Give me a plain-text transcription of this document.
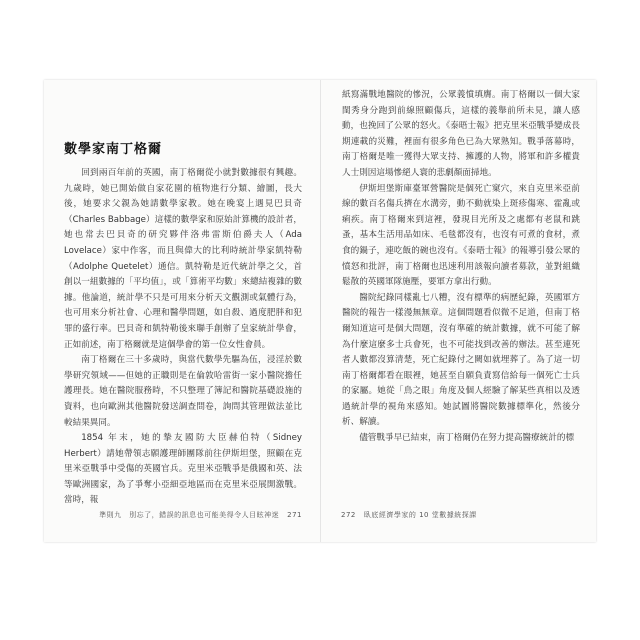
數學家南丁格爾

回到兩百年前的英國，南丁格爾從小就對數據很有興趣。九歲時，她已開始做自家花園的植物進行分類、繪圖，長大後，她要求父親為她請數學家教。她在晚宴上遇見巴貝奇（Charles Babbage）這樣的數學家和原始計算機的設計者，她也常去巴貝奇的研究夥伴洛弗雷斯伯爵夫人（Ada Lovelace）家中作客，而且與偉大的比利時統計學家凱特勒（Adolphe Quetelet）通信。凱特勒是近代統計學之父，首創以一組數據的「平均值」，或「算術平均數」來總結複雜的數據。他論道，統計學不只是可用來分析天文觀測或氣體行為，也可用來分析社會、心理和醫學問題，如自殺、過度肥胖和犯罪的盛行率。巴貝奇和凱特勒後來聯手創辦了皇家統計學會，正如前述，南丁格爾就是這個學會的第一位女性會員。

南丁格爾在三十多歲時，與當代數學先驅為伍，浸淫於數學研究領域——但她的正職則是在倫敦哈雷街一家小醫院擔任護理長。她在醫院服務時，不只整理了簿記和醫院基礎設施的資料，也向歐洲其他醫院發送調查問卷，詢問其管理做法並比較結果異同。

1854 年末，她的摯友國防大臣赫伯特（Sidney Herbert）請她帶領志願護理師團隊前往伊斯坦堡，照顧在克里米亞戰爭中受傷的英國官兵。克里米亞戰爭是俄國和英、法等歐洲國家，為了爭奪小亞細亞地區而在克里米亞展開激戰。當時，報

準則九　別忘了，錯誤的訊息也可能美得令人目眩神迷 271

紙寫滿戰地醫院的慘況，公眾義憤填膺。南丁格爾以一個大家閨秀身分跑到前線照顧傷兵，這樣的義舉前所未見，讓人感動，也挽回了公眾的怒火。《泰晤士報》把克里米亞戰爭變成長期連載的災難，裡面有很多角色已為大眾熟知。戰爭落幕時，南丁格爾是唯一獲得大眾支持、擁護的人物，將軍和許多權貴人士則因這場慘絕人寰的悲劇顏面掃地。

伊斯坦堡斯庫臺軍營醫院是個死亡窠穴，來自克里米亞前線的數百名傷兵擠在水溝旁，動不動就染上斑疹傷寒、霍亂或痢疾。南丁格爾來到這裡，發現目光所及之處都有老鼠和跳蚤，基本生活用品如床、毛毯都沒有，也沒有可煮的食材，煮食的鍋子，連吃飯的碗也沒有。《泰晤士報》的報導引發公眾的憤怒和批評，南丁格爾也迅速利用該報向讀者募款，並對組織鬆散的英國軍隊施壓，要軍方拿出行動。

醫院紀錄同樣亂七八糟，沒有標準的病歷紀錄，英國軍方醫院的報告一樣漫無無章。這個問題看似微不足道，但南丁格爾知道這可是個大問題，沒有準確的統計數據，就不可能了解為什麼這麼多士兵會死，也不可能找到改善的辦法。甚至連死者人數都沒算清楚，死亡紀錄付之闕如就埋葬了。為了這一切南丁格爾都看在眼裡，她甚至自願負責寫信給每一個死亡士兵的家屬。她從「鳥之眼」角度及個人經驗了解某些真相以及透過統計學的視角來感知。她試圖將醫院數據標準化，然後分析、解讀。

儘管戰爭早已結束，南丁格爾仍在努力提高醫療統計的標

272 臥底經濟學家的 10 堂數據統探課
